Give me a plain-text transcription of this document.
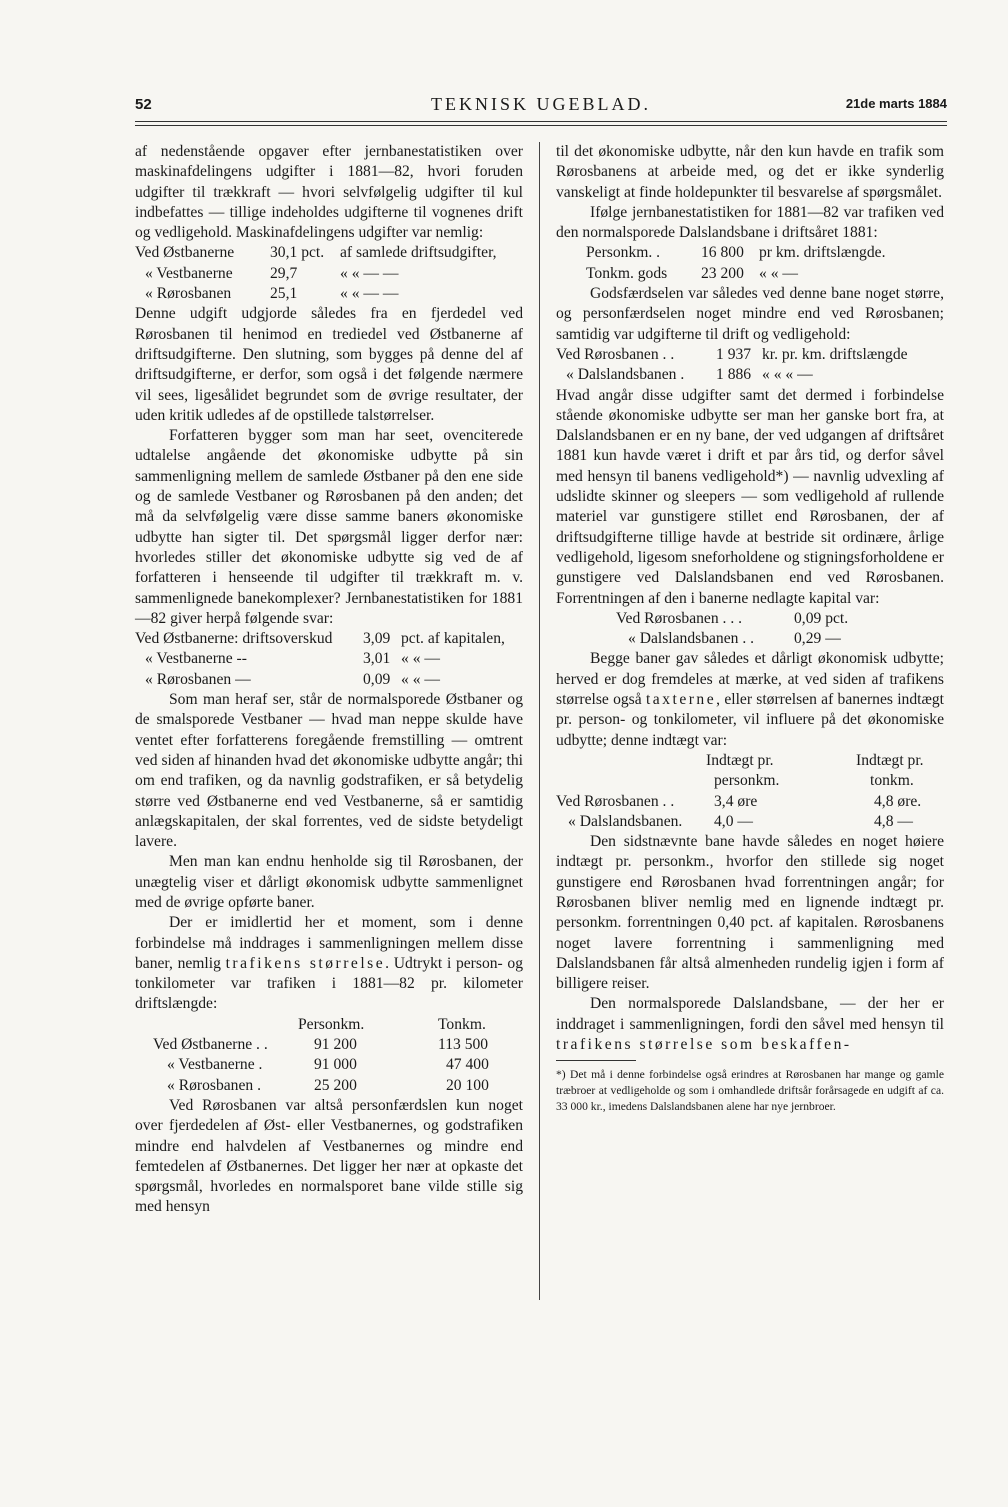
52	TEKNISK UGEBLAD.	21de marts 1884

af nedenstående opgaver efter jernbanestatistiken over maskinafdelingens udgifter i 1881—82, hvori foruden udgifter til trækkraft — hvori selvfølgelig udgifter til kul indbefattes — tillige indeholdes udgifterne til vognenes drift og vedligehold. Maskinafdelingens udgifter var nemlig:

Ved Østbanerne	30,1 pct.	af samlede driftsudgifter,
« Vestbanerne	29,7	« « — —
« Rørosbanen	25,1	« « — —

Denne udgift udgjorde således fra en fjerdedel ved Rørosbanen til henimod en trediedel ved Østbanerne af driftsudgifterne. Den slutning, som bygges på denne del af driftsudgifterne, er derfor, som også i det følgende nærmere vil sees, ligesålidet begrundet som de øvrige resultater, der uden kritik udledes af de opstillede talstørrelser.

Forfatteren bygger som man har seet, ovenciterede udtalelse angående det økonomiske udbytte på sin sammenligning mellem de samlede Østbaner på den ene side og de samlede Vestbaner og Rørosbanen på den anden; det må da selvfølgelig være disse samme baners økonomiske udbytte han sigter til. Det spørgsmål ligger derfor nær: hvorledes stiller det økonomiske udbytte sig ved de af forfatteren i henseende til udgifter til trækkraft m. v. sammenlignede banekomplexer? Jernbanestatistiken for 1881—82 giver herpå følgende svar:

Ved Østbanerne: driftsoverskud	3,09	pct. af kapitalen,
« Vestbanerne --	3,01	« « —
« Rørosbanen —	0,09	« « —

Som man heraf ser, står de normalsporede Østbaner og de smalsporede Vestbaner — hvad man neppe skulde have ventet efter forfatterens foregående fremstilling — omtrent ved siden af hinanden hvad det økonomiske udbytte angår; thi om end trafiken, og da navnlig godstrafiken, er så betydelig større ved Østbanerne end ved Vestbanerne, så er samtidig anlægskapitalen, der skal forrentes, ved de sidste betydeligt lavere.

Men man kan endnu henholde sig til Rørosbanen, der unægtelig viser et dårligt økonomisk udbytte sammenlignet med de øvrige opførte baner.

Der er imidlertid her et moment, som i denne forbindelse må inddrages i sammenligningen mellem disse baner, nemlig trafikens størrelse. Udtrykt i person- og tonkilometer var trafiken i 1881—82 pr. kilometer driftslængde:

	Personkm.	Tonkm.
Ved Østbanerne . .	91 200	113 500
« Vestbanerne .	91 000	47 400
« Rørosbanen .	25 200	20 100

Ved Rørosbanen var altså personfærdslen kun noget over fjerdedelen af Øst- eller Vestbanernes, og godstrafiken mindre end halvdelen af Vestbanernes og mindre end femtedelen af Østbanernes. Det ligger her nær at opkaste det spørgsmål, hvorledes en normalsporet bane vilde stille sig med hensyn

til det økonomiske udbytte, når den kun havde en trafik som Rørosbanens at arbeide med, og det er ikke synderlig vanskeligt at finde holdepunkter til besvarelse af spørgsmålet.

Ifølge jernbanestatistiken for 1881—82 var trafiken ved den normalsporede Dalslandsbane i driftsåret 1881:

Personkm. .	16 800	pr km. driftslængde.
Tonkm. gods	23 200	« « —

Godsfærdselen var således ved denne bane noget større, og personfærdselen noget mindre end ved Rørosbanen; samtidig var udgifterne til drift og vedligehold:

Ved Rørosbanen . .	1 937	kr. pr. km. driftslængde
« Dalslandsbanen .	1 886	« « « —

Hvad angår disse udgifter samt det dermed i forbindelse stående økonomiske udbytte ser man her ganske bort fra, at Dalslandsbanen er en ny bane, der ved udgangen af driftsåret 1881 kun havde været i drift et par års tid, og derfor såvel med hensyn til banens vedligehold*) — navnlig udvexling af udslidte skinner og sleepers — som vedligehold af rullende materiel var gunstigere stillet end Rørosbanen, der af driftsudgifterne tillige havde at bestride sit ordinære, årlige vedligehold, ligesom sneforholdene og stigningsforholdene er gunstigere ved Dalslandsbanen end ved Rørosbanen. Forrentningen af den i banerne nedlagte kapital var:

Ved Rørosbanen . . .	0,09 pct.
« Dalslandsbanen . .	0,29 —

Begge baner gav således et dårligt økonomisk udbytte; herved er dog fremdeles at mærke, at ved siden af trafikens størrelse også taxterne, eller størrelsen af banernes indtægt pr. person- og tonkilometer, vil influere på det økonomiske udbytte; denne indtægt var:

	Indtægt pr.	Indtægt pr.
	personkm.	tonkm.
Ved Rørosbanen . .	3,4 øre	4,8 øre.
« Dalslandsbanen.	4,0 —	4,8 —

Den sidstnævnte bane havde således en noget høiere indtægt pr. personkm., hvorfor den stillede sig noget gunstigere end Rørosbanen hvad forrentningen angår; for Rørosbanen bliver nemlig med en lignende indtægt pr. personkm. forrentningen 0,40 pct. af kapitalen. Rørosbanens noget lavere forrentning i sammenligning med Dalslandsbanen får altså almenheden rundelig igjen i form af billigere reiser.

Den normalsporede Dalslandsbane, — der her er inddraget i sammenligningen, fordi den såvel med hensyn til trafikens størrelse som beskaffen-

*) Det må i denne forbindelse også erindres at Rørosbanen har mange og gamle træbroer at vedligeholde og som i omhandlede driftsår forårsagede en udgift af ca. 33 000 kr., imedens Dalslandsbanen alene har nye jernbroer.
